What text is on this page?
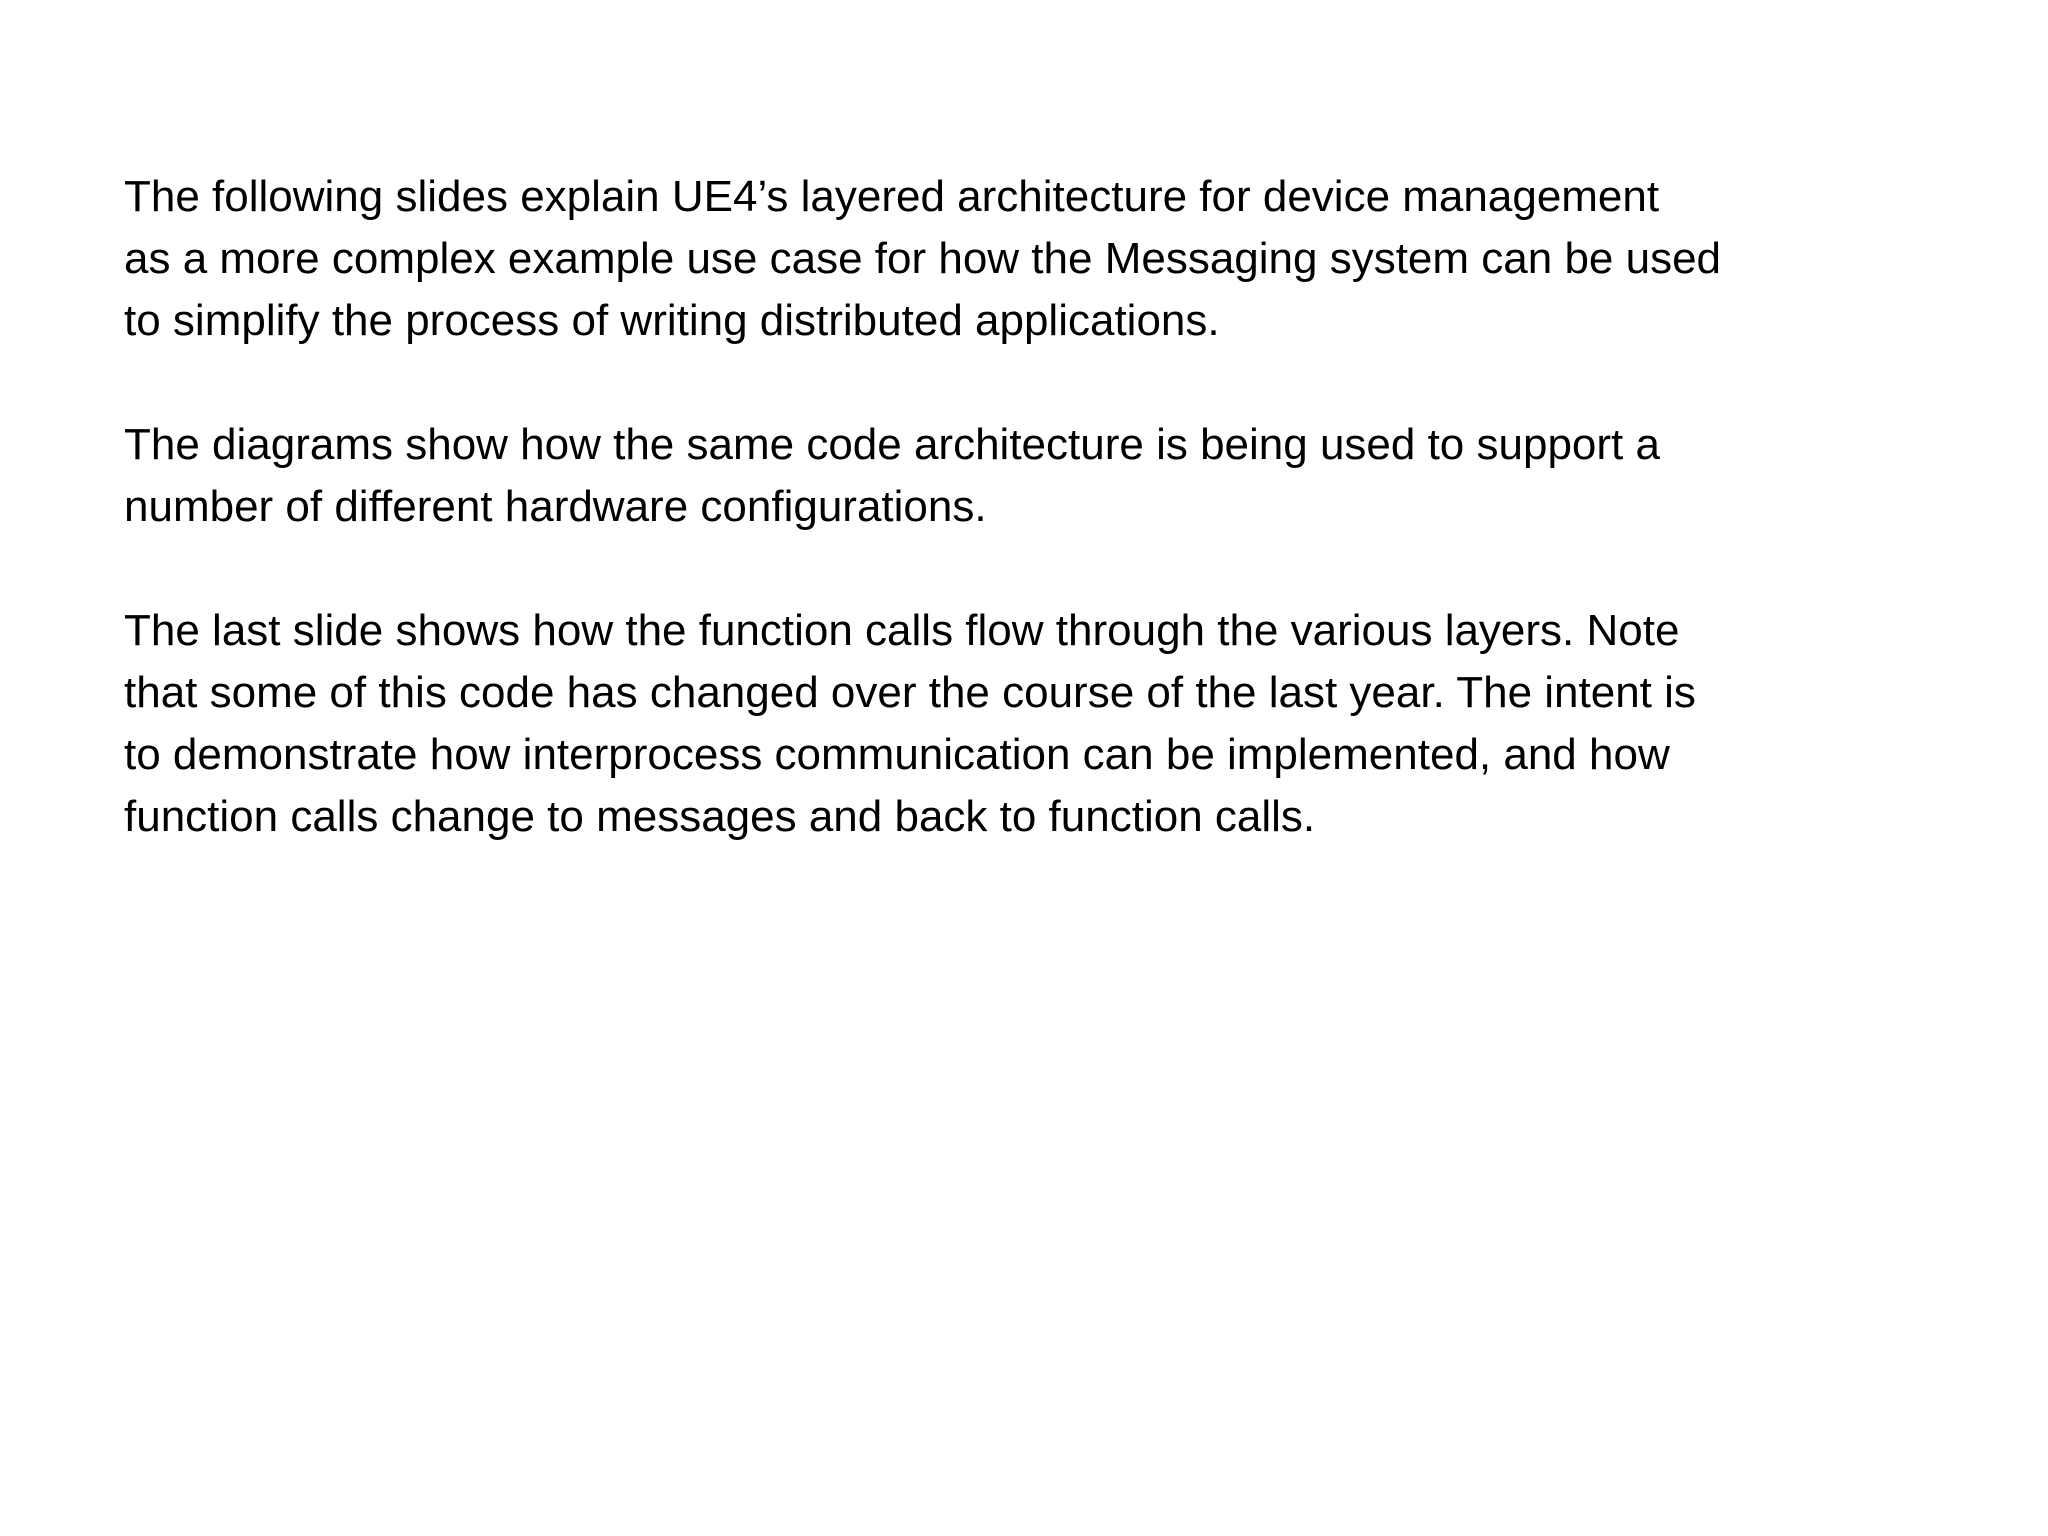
The following slides explain UE4’s layered architecture for device management
as a more complex example use case for how the Messaging system can be used
to simplify the process of writing distributed applications.

The diagrams show how the same code architecture is being used to support a
number of different hardware configurations.

The last slide shows how the function calls flow through the various layers. Note
that some of this code has changed over the course of the last year. The intent is
to demonstrate how interprocess communication can be implemented, and how
function calls change to messages and back to function calls.
